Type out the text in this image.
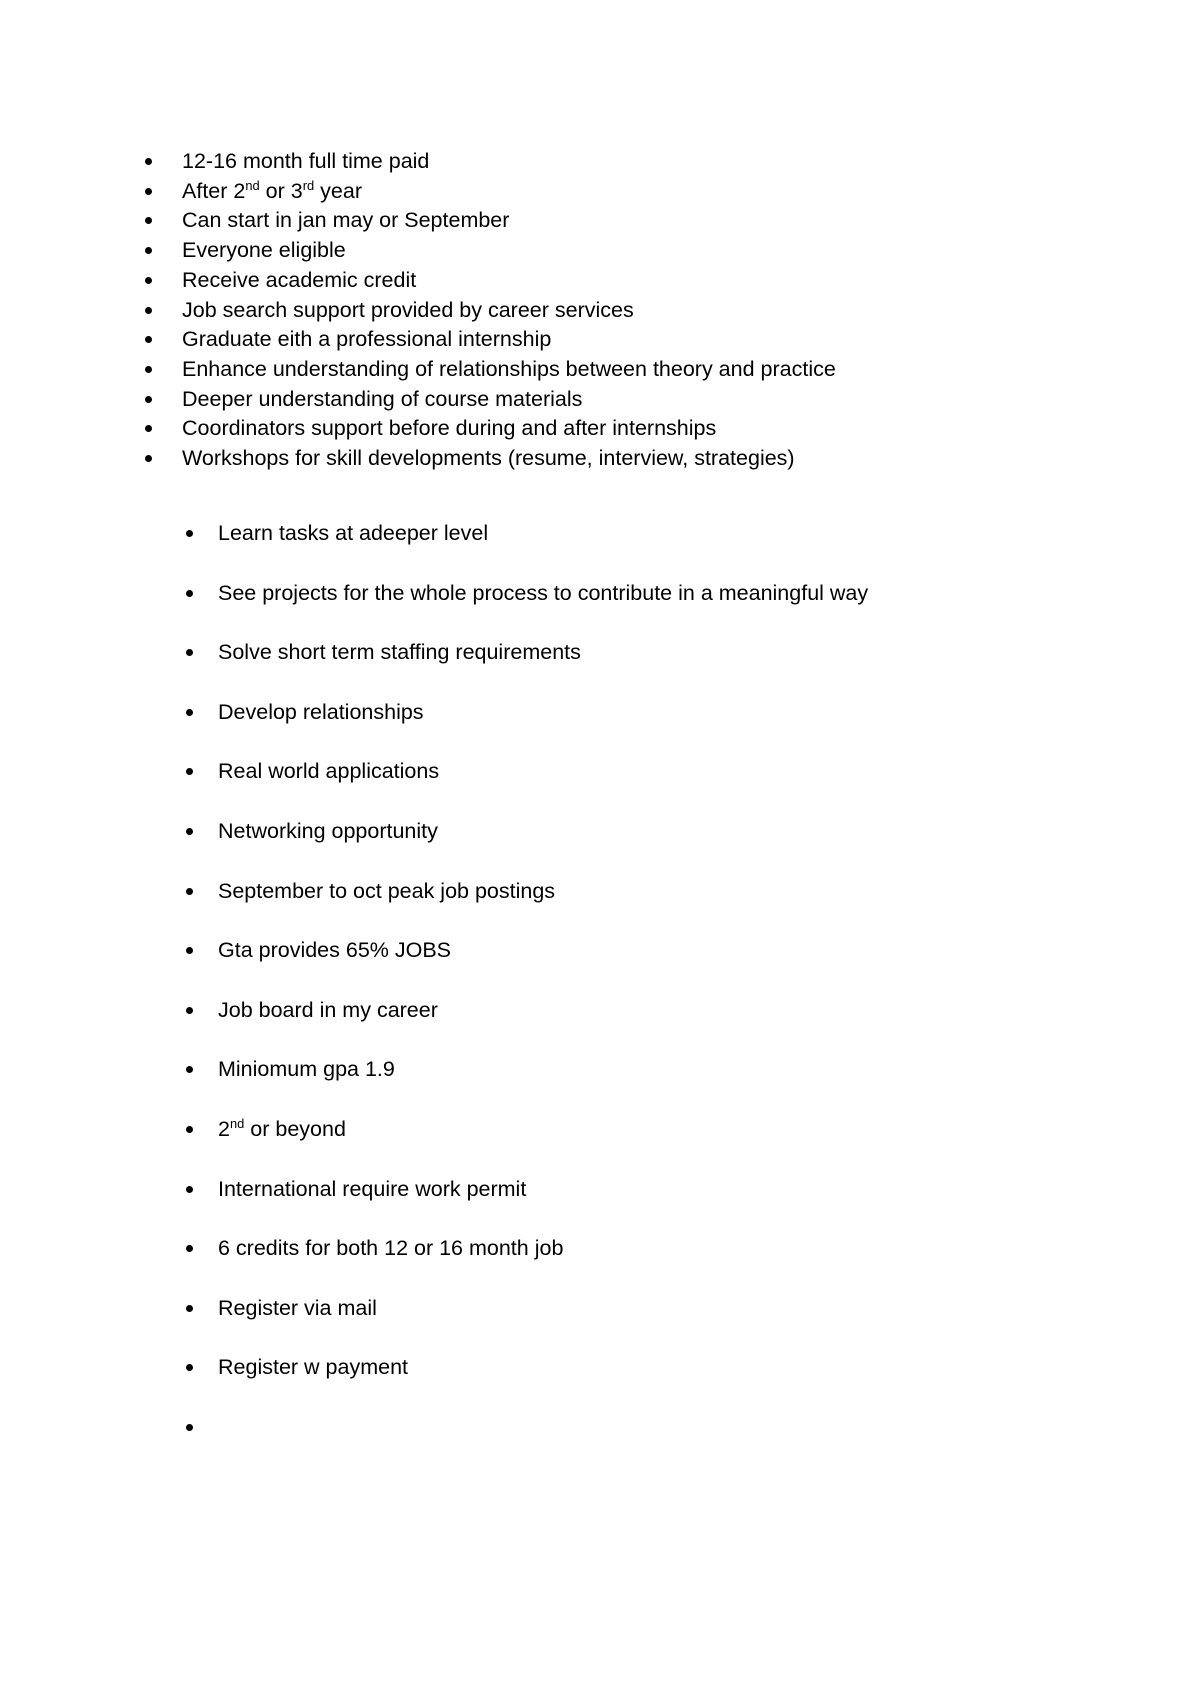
12-16 month full time paid
After 2nd or 3rd year
Can start in jan may or September
Everyone eligible
Receive academic credit
Job search support provided by career services
Graduate eith a professional internship
Enhance understanding of relationships between theory and practice
Deeper understanding of course materials
Coordinators support before during and after internships
Workshops for skill developments (resume, interview, strategies)
Learn tasks at adeeper level
See projects for the whole process to contribute in a meaningful way
Solve short term staffing requirements
Develop relationships
Real world applications
Networking opportunity
September to oct peak job postings
Gta provides 65% JOBS
Job board in my career
Miniomum gpa 1.9
2nd or beyond
International require work permit
6 credits for both 12 or 16 month job
Register via mail
Register w payment
